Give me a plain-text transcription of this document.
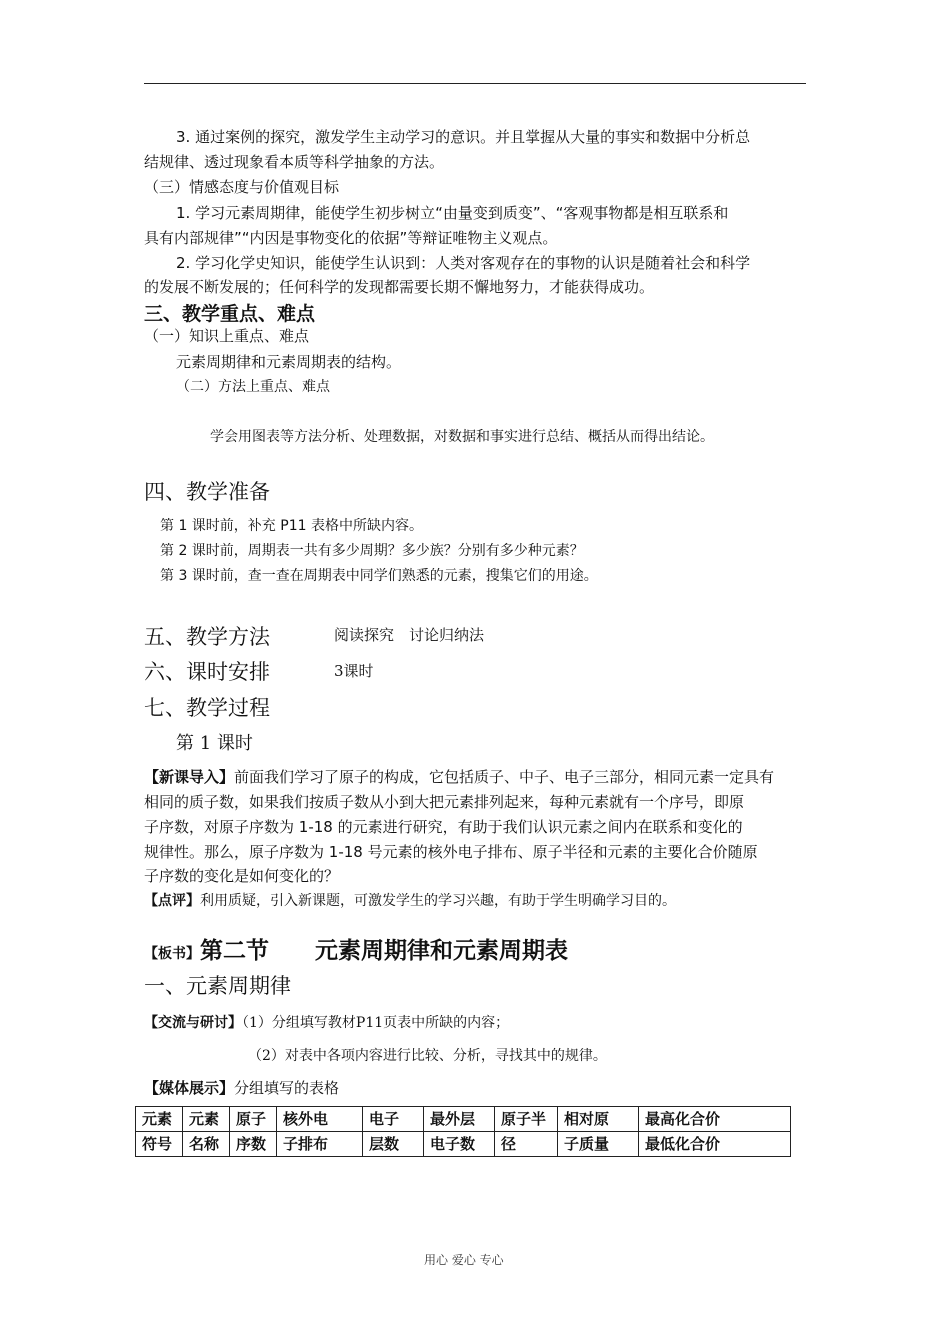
3. 通过案例的探究，激发学生主动学习的意识。并且掌握从大量的事实和数据中分析总
结规律、透过现象看本质等科学抽象的方法。
（三）情感态度与价值观目标
1. 学习元素周期律，能使学生初步树立“由量变到质变”、“客观事物都是相互联系和
具有内部规律”“内因是事物变化的依据”等辩证唯物主义观点。
2. 学习化学史知识，能使学生认识到：人类对客观存在的事物的认识是随着社会和科学
的发展不断发展的；任何科学的发现都需要长期不懈地努力，才能获得成功。
三、教学重点、难点
（一）知识上重点、难点
元素周期律和元素周期表的结构。
（二）方法上重点、难点
学会用图表等方法分析、处理数据，对数据和事实进行总结、概括从而得出结论。
四、教学准备
第 1 课时前，补充 P11 表格中所缺内容。
第 2 课时前，周期表一共有多少周期？多少族？分别有多少种元素？
第 3 课时前，查一查在周期表中同学们熟悉的元素，搜集它们的用途。
五、教学方法	阅读探究　讨论归纳法
六、课时安排	3课时
七、教学过程
第 1 课时
【新课导入】前面我们学习了原子的构成，它包括质子、中子、电子三部分，相同元素一定具有
相同的质子数，如果我们按质子数从小到大把元素排列起来，每种元素就有一个序号，即原
子序数，对原子序数为 1-18 的元素进行研究，有助于我们认识元素之间内在联系和变化的
规律性。那么，原子序数为 1-18 号元素的核外电子排布、原子半径和元素的主要化合价随原
子序数的变化是如何变化的？
【点评】利用质疑，引入新课题，可激发学生的学习兴趣，有助于学生明确学习目的。
【板书】第二节　　元素周期律和元素周期表
一、元素周期律
【交流与研讨】（1）分组填写教材P11页表中所缺的内容；
（2）对表中各项内容进行比较、分析，寻找其中的规律。
【媒体展示】分组填写的表格
元素	元素	原子	核外电	电子	最外层	原子半	相对原	最高化合价
符号	名称	序数	子排布	层数	电子数	径	子质量	最低化合价
用心 爱心 专心
